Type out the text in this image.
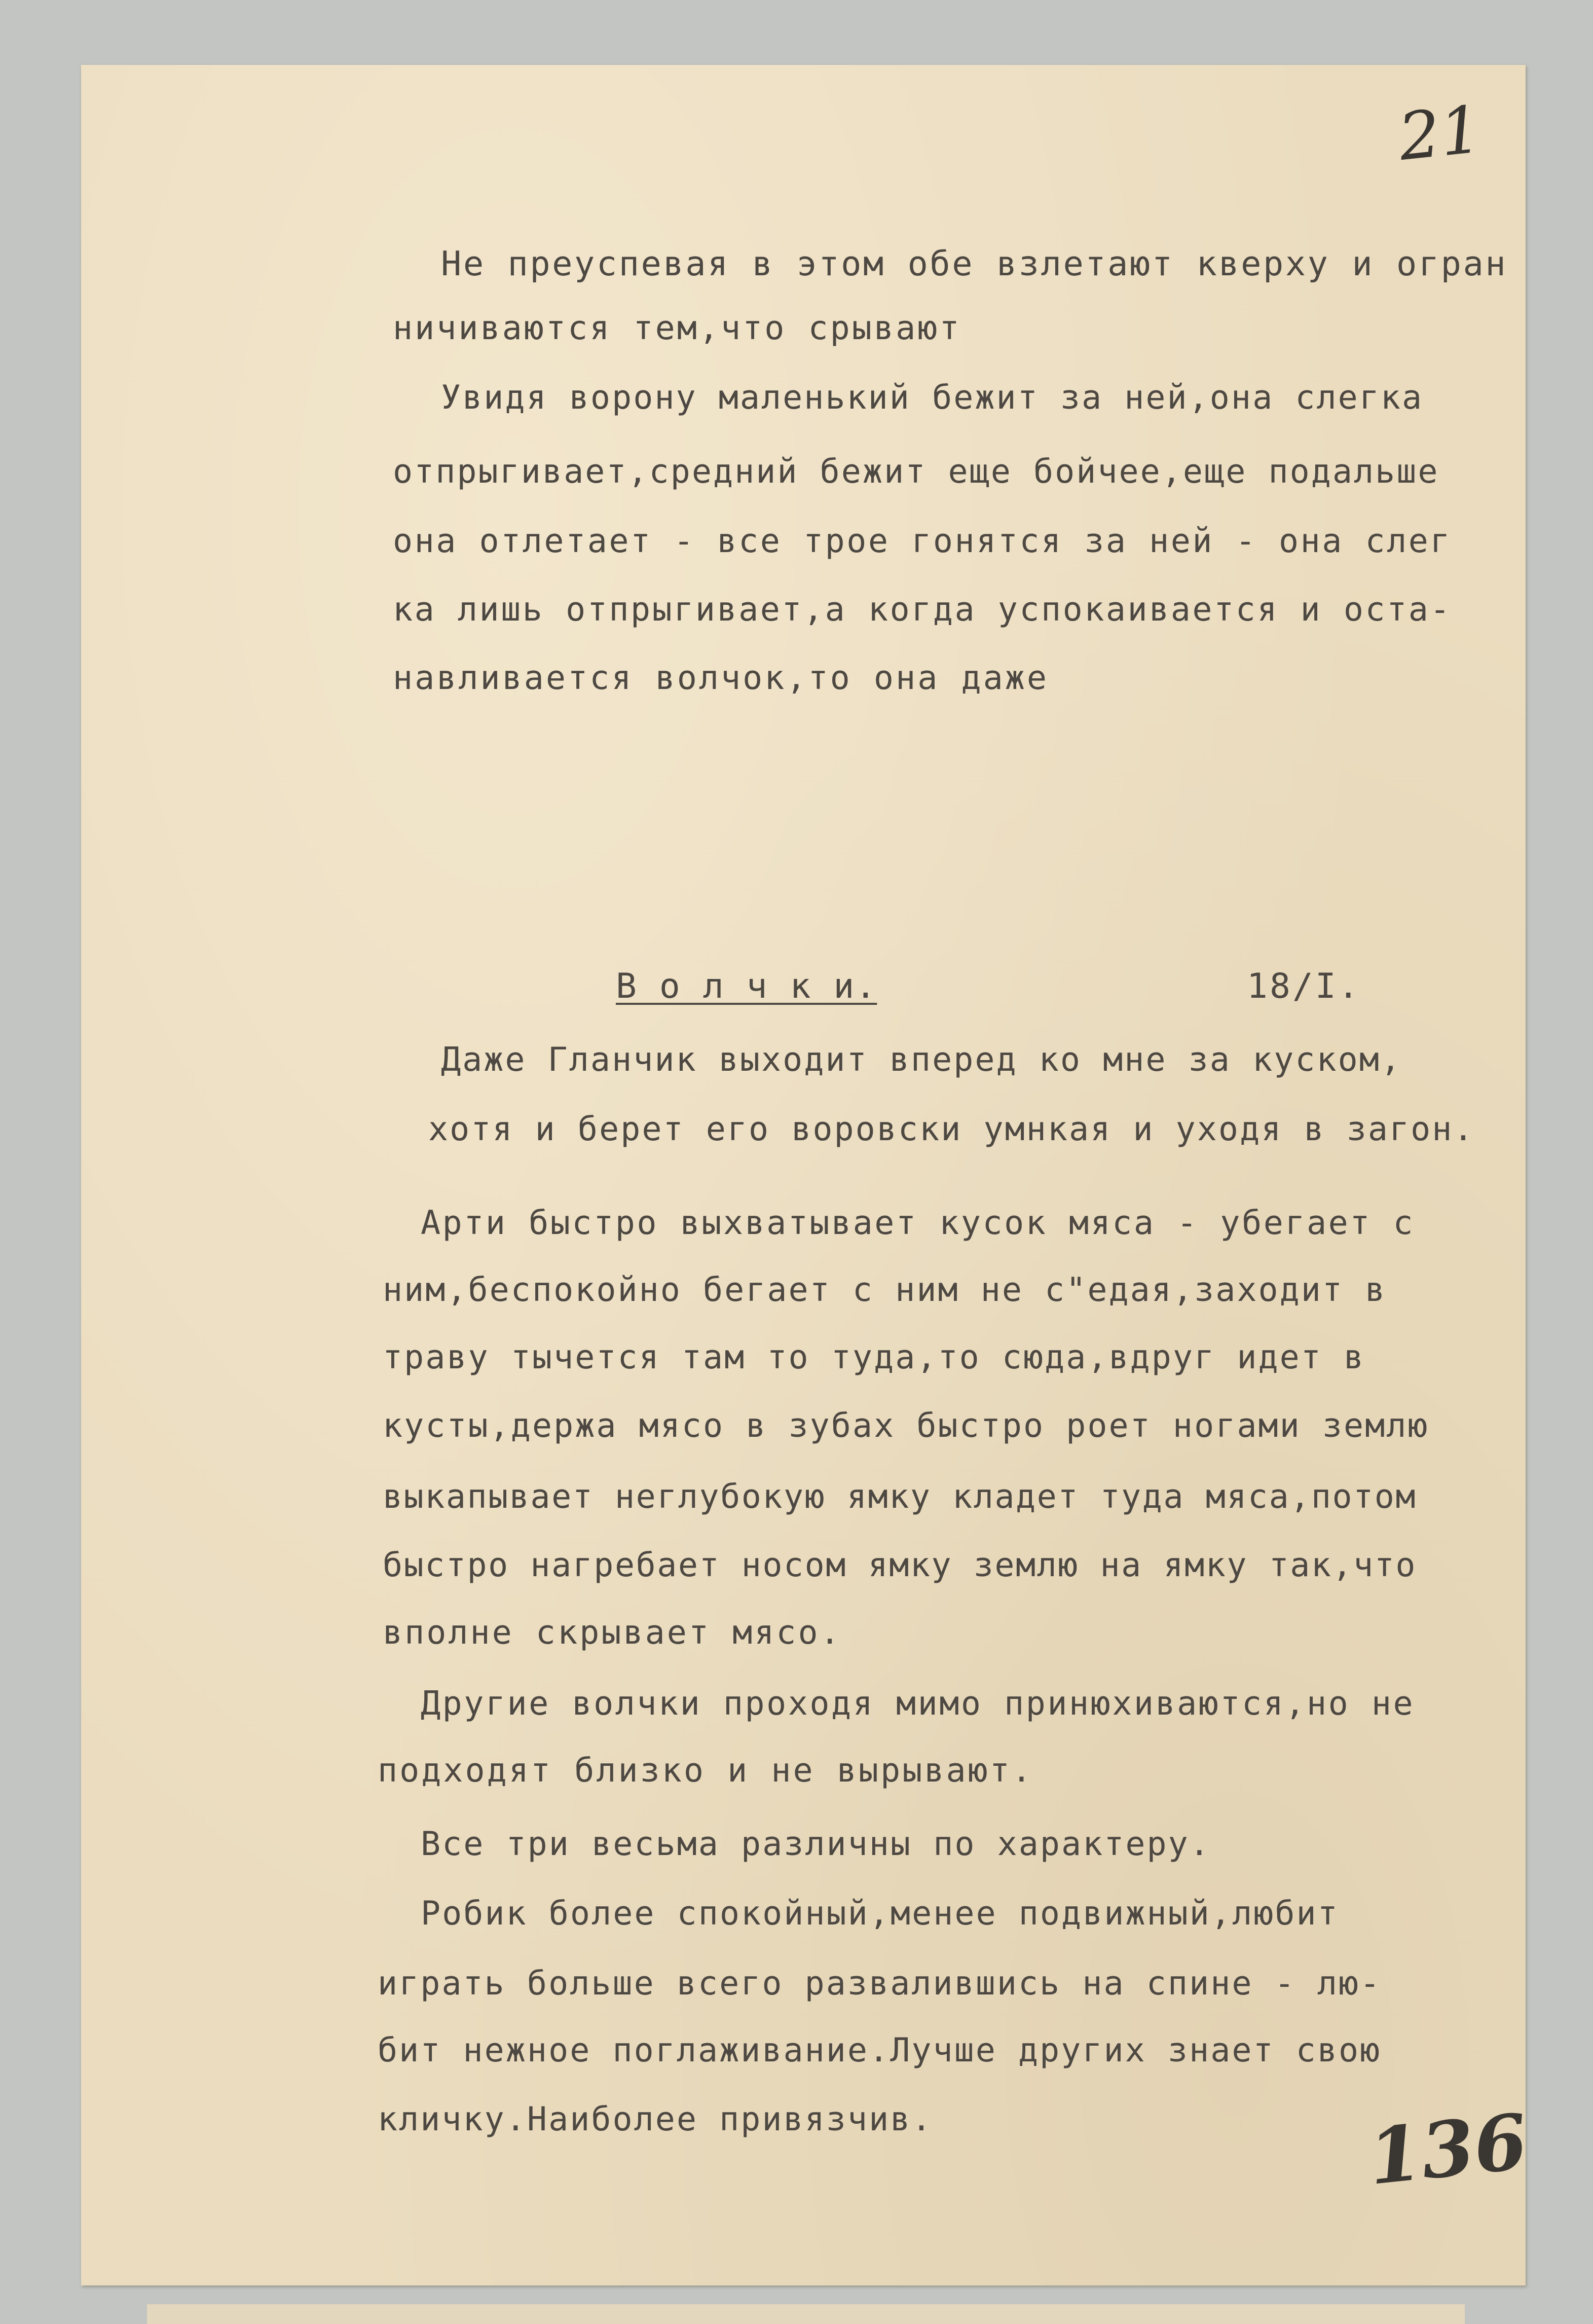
21

Не преуспевая в этом обе взлетают кверху и огран

ничиваются тем,что срывают

Увидя ворону маленький бежит за ней,она слегка

отпрыгивает,средний бежит еще бойчее,еще подальше

она отлетает - все трое гонятся за ней - она слег

ка лишь отпрыгивает,а когда успокаивается и оста-

навливается волчок,то она даже

В о л ч к и.	18/I.

Даже Гланчик выходит вперед ко мне за куском,

хотя и берет его воровски умнкая и уходя в загон.

Арти быстро выхватывает кусок мяса - убегает с

ним,беспокойно бегает с ним не с"едая,заходит в

траву тычется там то туда,то сюда,вдруг идет в

кусты,держа мясо в зубах быстро роет ногами землю

выкапывает неглубокую ямку кладет туда мяса,потом

быстро нагребает носом ямку землю на ямку так,что

вполне скрывает мясо.

Другие волчки проходя мимо принюхиваются,но не

подходят близко и не вырывают.

Все три весьма различны по характеру.

Робик более спокойный,менее подвижный,любит

играть больше всего развалившись на спине - лю-

бит нежное поглаживание.Лучше других знает свою

кличку.Наиболее привязчив.	136
